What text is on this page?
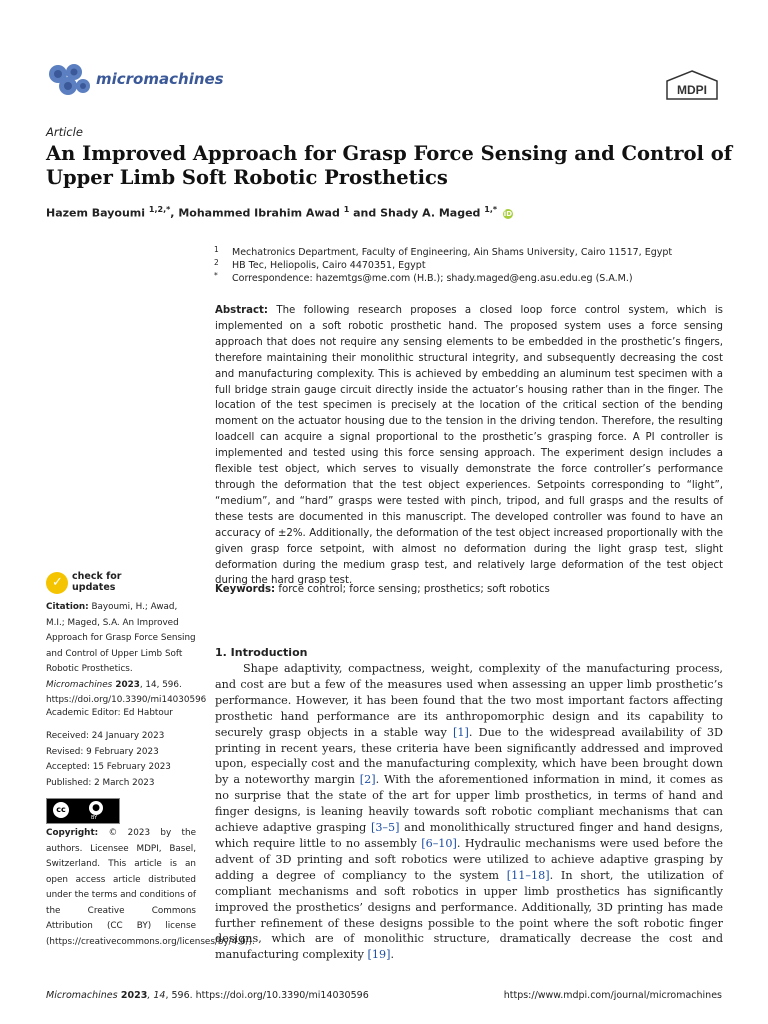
micromachines
MDPI
Article
An Improved Approach for Grasp Force Sensing and Control of Upper Limb Soft Robotic Prosthetics
Hazem Bayoumi $^{1,2,*}$, Mohammed Ibrahim Awad $^1$ and Shady A. Maged $^{1,*}$ iD
1 Mechatronics Department, Faculty of Engineering, Ain Shams University, Cairo 11517, Egypt
2 HB Tec, Heliopolis, Cairo 4470351, Egypt
* Correspondence: hazemtgs@me.com (H.B.); shady.maged@eng.asu.edu.eg (S.A.M.)
Abstract: The following research proposes a closed loop force control system, which is implemented on a soft robotic prosthetic hand. The proposed system uses a force sensing approach that does not require any sensing elements to be embedded in the prosthetic’s fingers, therefore maintaining their monolithic structural integrity, and subsequently decreasing the cost and manufacturing complexity. This is achieved by embedding an aluminum test specimen with a full bridge strain gauge circuit directly inside the actuator’s housing rather than in the finger. The location of the test specimen is precisely at the location of the critical section of the bending moment on the actuator housing due to the tension in the driving tendon. Therefore, the resulting loadcell can acquire a signal proportional to the prosthetic’s grasping force. A PI controller is implemented and tested using this force sensing approach. The experiment design includes a flexible test object, which serves to visually demonstrate the force controller’s performance through the deformation that the test object experiences. Setpoints corresponding to “light”, “medium”, and “hard” grasps were tested with pinch, tripod, and full grasps and the results of these tests are documented in this manuscript. The developed controller was found to have an accuracy of ±2%. Additionally, the deformation of the test object increased proportionally with the given grasp force setpoint, with almost no deformation during the light grasp test, slight deformation during the medium grasp test, and relatively large deformation of the test object during the hard grasp test.
Keywords: force control; force sensing; prosthetics; soft robotics
✓ check for
updates
Citation: Bayoumi, H.; Awad, M.I.; Maged, S.A. An Improved Approach for Grasp Force Sensing and Control of Upper Limb Soft Robotic Prosthetics. Micromachines 2023, 14, 596. https://doi.org/10.3390/mi14030596
Academic Editor: Ed Habtour
Received: 24 January 2023
Revised: 9 February 2023
Accepted: 15 February 2023
Published: 2 March 2023
cc	●
BY
Copyright: © 2023 by the authors. Licensee MDPI, Basel, Switzerland. This article is an open access article distributed under the terms and conditions of the Creative Commons Attribution (CC BY) license (https://creativecommons.org/licenses/by/4.0/).
1. Introduction
Shape adaptivity, compactness, weight, complexity of the manufacturing process, and cost are but a few of the measures used when assessing an upper limb prosthetic’s performance. However, it has been found that the two most important factors affecting prosthetic hand performance are its anthropomorphic design and its capability to securely grasp objects in a stable way [1]. Due to the widespread availability of 3D printing in recent years, these criteria have been significantly addressed and improved upon, especially cost and the manufacturing complexity, which have been brought down by a noteworthy margin [2]. With the aforementioned information in mind, it comes as no surprise that the state of the art for upper limb prosthetics, in terms of hand and finger designs, is leaning heavily towards soft robotic compliant mechanisms that can achieve adaptive grasping [3–5] and monolithically structured finger and hand designs, which require little to no assembly [6–10]. Hydraulic mechanisms were used before the advent of 3D printing and soft robotics were utilized to achieve adaptive grasping by adding a degree of compliancy to the system [11–18]. In short, the utilization of compliant mechanisms and soft robotics in upper limb prosthetics has significantly improved the prosthetics’ designs and performance. Additionally, 3D printing has made further refinement of these designs possible to the point where the soft robotic finger designs, which are of monolithic structure, dramatically decrease the cost and manufacturing complexity [19].
Micromachines 2023, 14, 596. https://doi.org/10.3390/mi14030596	https://www.mdpi.com/journal/micromachines
